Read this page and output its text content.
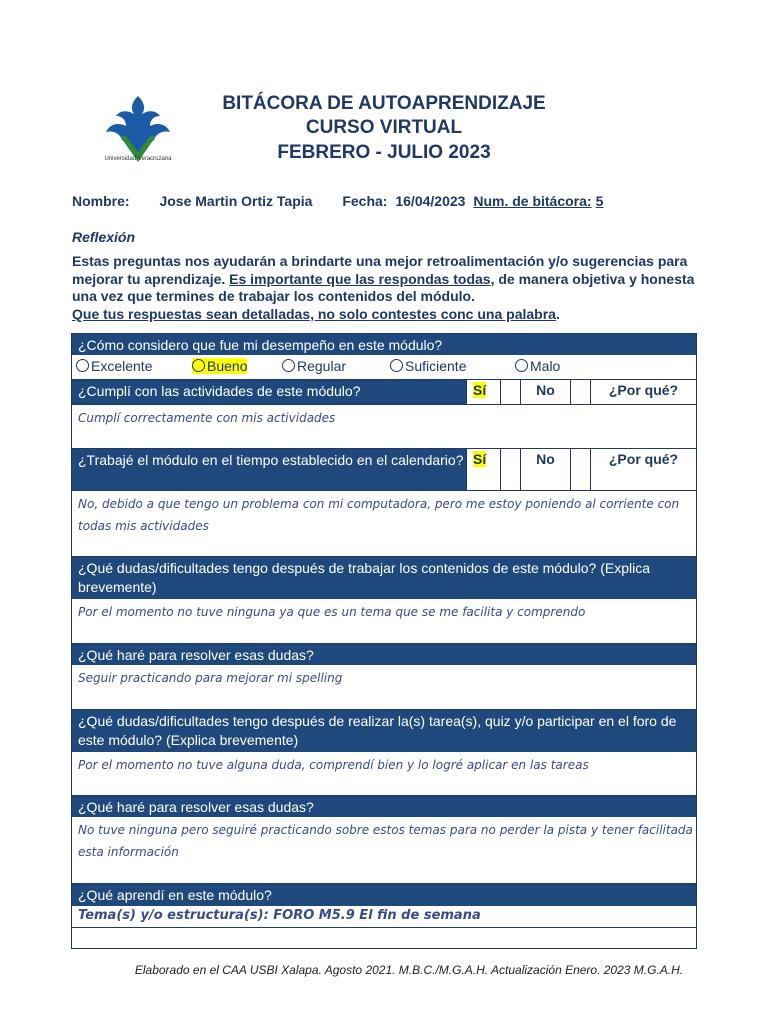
Universidad Veracruzana
BITÁCORA DE AUTOAPRENDIZAJE
CURSO VIRTUAL
FEBRERO - JULIO 2023
Nombre: Jose Martin Ortiz Tapia Fecha: 16/04/2023 Num. de bitácora: 5
Reflexión
Estas preguntas nos ayudarán a brindarte una mejor retroalimentación y/o sugerencias para mejorar tu aprendizaje. Es importante que las respondas todas, de manera objetiva y honesta una vez que termines de trabajar los contenidos del módulo.
Que tus respuestas sean detalladas, no solo contestes conc una palabra.
¿Cómo considero que fue mi desempeño en este módulo?
Excelente	Bueno	Regular	Suficiente	Malo
¿Cumplí con las actividades de este módulo?	Sí	No	¿Por qué?
Cumplí correctamente con mis actividades
¿Trabajé el módulo en el tiempo establecido en el calendario? Sí	No	¿Por qué?
No, debido a que tengo un problema con mi computadora, pero me estoy poniendo al corriente con todas mis actividades
¿Qué dudas/dificultades tengo después de trabajar los contenidos de este módulo? (Explica brevemente)
Por el momento no tuve ninguna ya que es un tema que se me facilita y comprendo
¿Qué haré para resolver esas dudas?
Seguir practicando para mejorar mi spelling
¿Qué dudas/dificultades tengo después de realizar la(s) tarea(s), quiz y/o participar en el foro de este módulo? (Explica brevemente)
Por el momento no tuve alguna duda, comprendí bien y lo logré aplicar en las tareas
¿Qué haré para resolver esas dudas?
No tuve ninguna pero seguiré practicando sobre estos temas para no perder la pista y tener facilitada esta información
¿Qué aprendí en este módulo?
Tema(s) y/o estructura(s): FORO M5.9 El fin de semana
Elaborado en el CAA USBI Xalapa. Agosto 2021. M.B.C./M.G.A.H. Actualización Enero. 2023 M.G.A.H.
